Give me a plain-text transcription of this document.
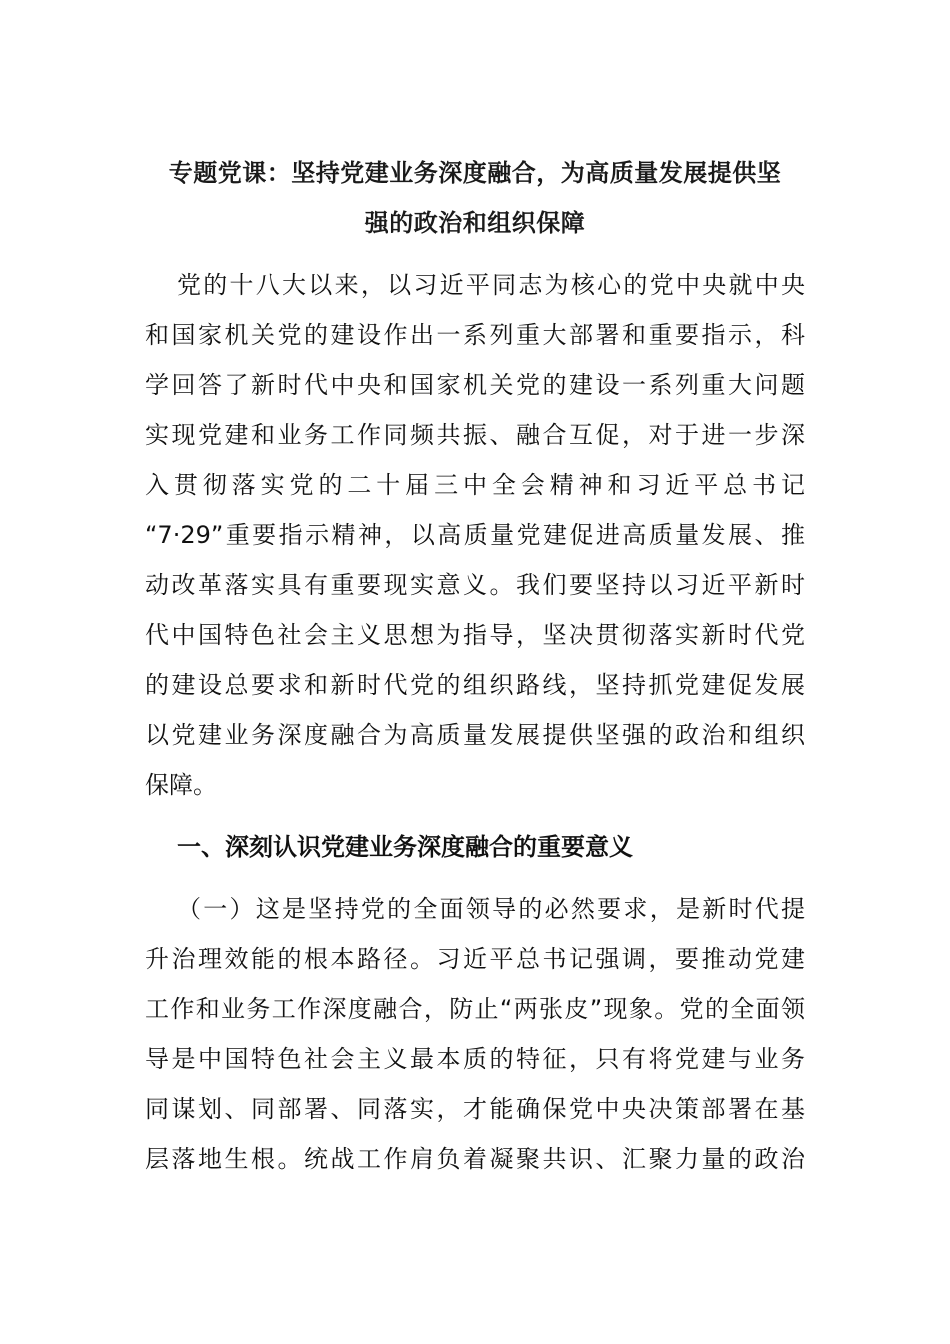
专题党课：坚持党建业务深度融合，为高质量发展提供坚
强的政治和组织保障
党的十八大以来，以习近平同志为核心的党中央就中央
和国家机关党的建设作出一系列重大部署和重要指示，科
学回答了新时代中央和国家机关党的建设一系列重大问题
实现党建和业务工作同频共振、融合互促，对于进一步深
入贯彻落实党的二十届三中全会精神和习近平总书记
“7·29”重要指示精神，以高质量党建促进高质量发展、推
动改革落实具有重要现实意义。我们要坚持以习近平新时
代中国特色社会主义思想为指导，坚决贯彻落实新时代党
的建设总要求和新时代党的组织路线，坚持抓党建促发展
以党建业务深度融合为高质量发展提供坚强的政治和组织
保障。
一、深刻认识党建业务深度融合的重要意义
（一）这是坚持党的全面领导的必然要求，是新时代提
升治理效能的根本路径。习近平总书记强调，要推动党建
工作和业务工作深度融合，防止“两张皮”现象。党的全面领
导是中国特色社会主义最本质的特征，只有将党建与业务
同谋划、同部署、同落实，才能确保党中央决策部署在基
层落地生根。统战工作肩负着凝聚共识、汇聚力量的政治
